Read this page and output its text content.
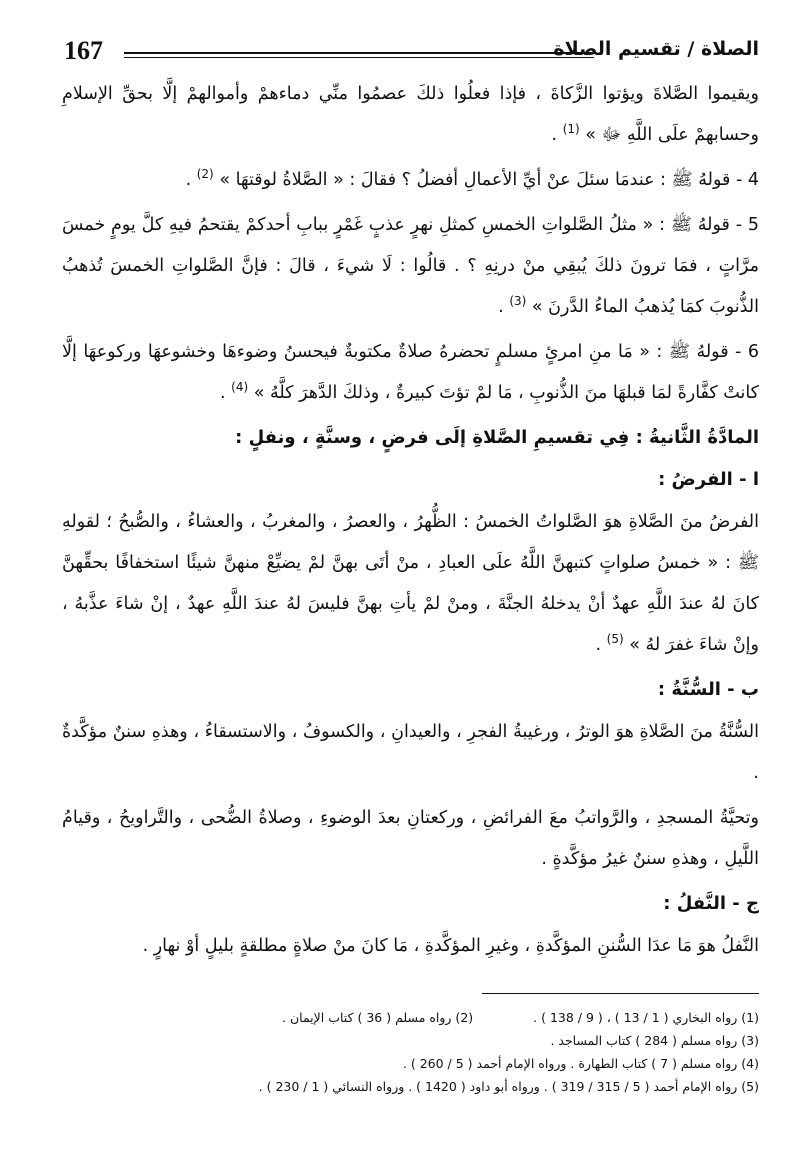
167	الصلاة / تقسيم الصلاة

ويقيموا الصَّلاةَ ويؤتوا الزَّكاةَ ، فإذا فعلُوا ذلكَ عصمُوا منِّي دماءهمْ وأموالهمْ إلَّا بحقِّ الإسلامِ وحسابهمْ علَى اللَّهِ ﷻ » $^{(1)}$ .

4 - قولهُ ﷺ : عندمَا سئلَ عنْ أيِّ الأعمالِ أفضلُ ؟ فقالَ : « الصَّلاةُ لوقتهَا » $^{(2)}$ .

5 - قولهُ ﷺ : « مثلُ الصَّلواتِ الخمسِ كمثلِ نهرٍ عذبٍ غَمْرٍ ببابِ أحدكمْ يقتحمُ فيهِ كلَّ يومٍ خمسَ مرَّاتٍ ، فمَا ترونَ ذلكَ يُبقِي منْ درنِهِ ؟ . قالُوا : لَا شيءَ ، قالَ : فإنَّ الصَّلواتِ الخمسَ تُذهبُ الذُّنوبَ كمَا يُذهبُ الماءُ الدَّرنَ » $^{(3)}$ .

6 - قولهُ ﷺ : « مَا منِ امرئٍ مسلمٍ تحضرهُ صلاةٌ مكتوبةٌ فيحسنُ وضوءهَا وخشوعهَا وركوعهَا إلَّا كانتْ كفَّارةً لمَا قبلهَا منَ الذُّنوبِ ، مَا لمْ تؤتَ كبيرةٌ ، وذلكَ الدَّهرَ كلَّهُ » $^{(4)}$ .

المادَّةُ الثَّانيةُ : فِي تقسيمِ الصَّلاةِ إلَى فرضٍ ، وسنَّةٍ ، ونفلٍ :
ا - الفرضُ :

الفرضُ منَ الصَّلاةِ هوَ الصَّلواتُ الخمسُ : الظُّهرُ ، والعصرُ ، والمغربُ ، والعشاءُ ، والصُّبحُ ؛ لقولهِ ﷺ : « خمسُ صلواتٍ كتبهنَّ اللَّهُ علَى العبادِ ، منْ أتَى بهنَّ لمْ يضيِّعْ منهنَّ شيئًا استخفافًا بحقِّهنَّ كانَ لهُ عندَ اللَّهِ عهدٌ أنْ يدخلهُ الجنَّةَ ، ومنْ لمْ يأتِ بهنَّ فليسَ لهُ عندَ اللَّهِ عهدٌ ، إنْ شاءَ عذَّبهُ ، وإنْ شاءَ غفرَ لهُ » $^{(5)}$ .

ب - السُّنَّةُ :

السُّنَّةُ منَ الصَّلاةِ هوَ الوترُ ، ورغيبةُ الفجرِ ، والعيدانِ ، والكسوفُ ، والاستسقاءُ ، وهذهِ سننٌ مؤكَّدةٌ .

وتحيَّةُ المسجدِ ، والرَّواتبُ معَ الفرائضِ ، وركعتانِ بعدَ الوضوءِ ، وصلاةُ الضُّحى ، والتَّراويحُ ، وقيامُ اللَّيلِ ، وهذهِ سننٌ غيرُ مؤكَّدةٍ .

ج - النَّفلُ :

النَّفلُ هوَ مَا عدَا السُّننِ المؤكَّدةِ ، وغيرِ المؤكَّدةِ ، مَا كانَ منْ صلاةٍ مطلقةٍ بليلٍ أوْ نهارٍ .

(1) رواه البخاري ( 1 / 13 ) ، ( 9 / 138 ) .
(2) رواه مسلم ( 36 ) كتاب الإيمان .
(3) رواه مسلم ( 284 ) كتاب المساجد .
(4) رواه مسلم ( 7 ) كتاب الطهارة . ورواه الإمام أحمد ( 5 / 260 ) .
(5) رواه الإمام أحمد ( 5 / 315 / 319 ) . ورواه أبو داود ( 1420 ) . ورواه النسائي ( 1 / 230 ) .
